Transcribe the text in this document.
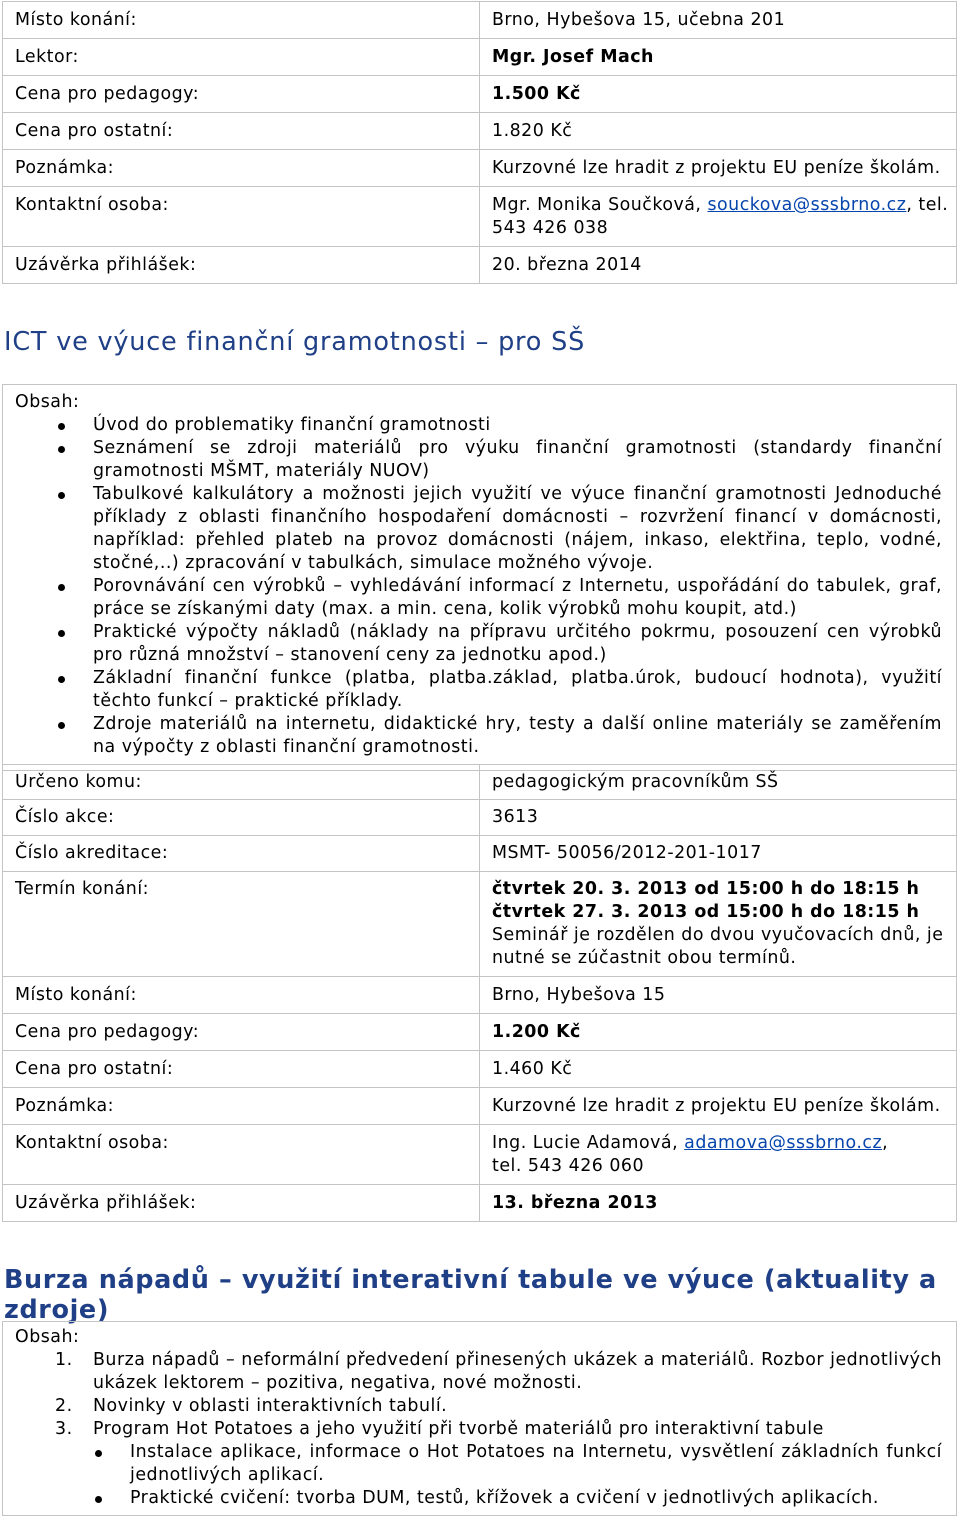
Místo konání:	Brno, Hybešova 15, učebna 201
Lektor:	Mgr. Josef Mach
Cena pro pedagogy:	1.500 Kč
Cena pro ostatní:	1.820 Kč
Poznámka:	Kurzovné lze hradit z projektu EU peníze školám.
Kontaktní osoba:	Mgr. Monika Součková, souckova@sssbrno.cz, tel. 543 426 038
Uzávěrka přihlášek:	20. března 2014
ICT ve výuce finanční gramotnosti – pro SŠ
Obsah:
Úvod do problematiky finanční gramotnosti
Seznámení se zdroji materiálů pro výuku finanční gramotnosti (standardy finanční gramotnosti MŠMT, materiály NUOV)
Tabulkové kalkulátory a možnosti jejich využití ve výuce finanční gramotnosti Jednoduché příklady z oblasti finančního hospodaření domácnosti – rozvržení financí v domácnosti, například: přehled plateb na provoz domácnosti (nájem, inkaso, elektřina, teplo, vodné, stočné,..) zpracování v tabulkách, simulace možného vývoje.
Porovnávání cen výrobků – vyhledávání informací z Internetu, uspořádání do tabulek, graf, práce se získanými daty (max. a min. cena, kolik výrobků mohu koupit, atd.)
Praktické výpočty nákladů (náklady na přípravu určitého pokrmu, posouzení cen výrobků pro různá množství – stanovení ceny za jednotku apod.)
Základní finanční funkce (platba, platba.základ, platba.úrok, budoucí hodnota), využití těchto funkcí – praktické příklady.
Zdroje materiálů na internetu, didaktické hry, testy a další online materiály se zaměřením na výpočty z oblasti finanční gramotnosti.
Určeno komu:	pedagogickým pracovníkům SŠ
Číslo akce:	3613
Číslo akreditace:	MSMT- 50056/2012-201-1017
Termín konání:	čtvrtek 20. 3. 2013 od 15:00 h do 18:15 h
čtvrtek 27. 3. 2013 od 15:00 h do 18:15 h
Seminář je rozdělen do dvou vyučovacích dnů, je nutné se zúčastnit obou termínů.

Místo konání:	Brno, Hybešova 15
Cena pro pedagogy:	1.200 Kč
Cena pro ostatní:	1.460 Kč
Poznámka:	Kurzovné lze hradit z projektu EU peníze školám.
Kontaktní osoba:	Ing. Lucie Adamová, adamova@sssbrno.cz,
tel. 543 426 060

Uzávěrka přihlášek:	13. března 2013
Burza nápadů – využití interativní tabule ve výuce (aktuality a zdroje)
Obsah:
1. Burza nápadů – neformální předvedení přinesených ukázek a materiálů. Rozbor jednotlivých ukázek lektorem – pozitiva, negativa, nové možnosti.
2. Novinky v oblasti interaktivních tabulí.
3. Program Hot Potatoes a jeho využití při tvorbě materiálů pro interaktivní tabule
Instalace aplikace, informace o Hot Potatoes na Internetu, vysvětlení základních funkcí jednotlivých aplikací.
Praktické cvičení: tvorba DUM, testů, křížovek a cvičení v jednotlivých aplikacích.
